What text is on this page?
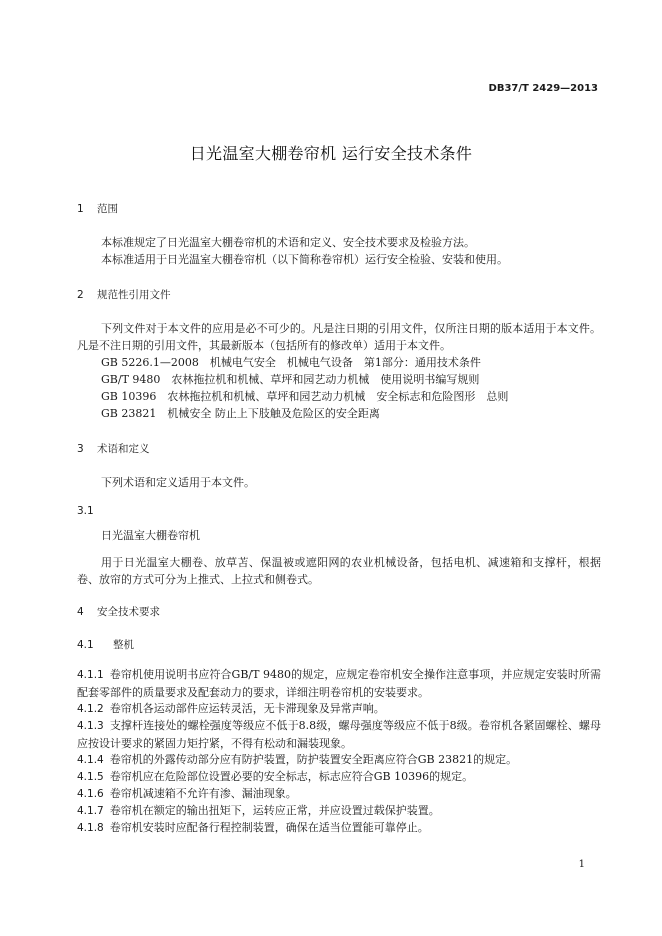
DB37/T 2429—2013
日光温室大棚卷帘机 运行安全技术条件
1 范围
本标准规定了日光温室大棚卷帘机的术语和定义、安全技术要求及检验方法。
本标准适用于日光温室大棚卷帘机（以下简称卷帘机）运行安全检验、安装和使用。
2 规范性引用文件
下列文件对于本文件的应用是必不可少的。凡是注日期的引用文件，仅所注日期的版本适用于本文件。凡是不注日期的引用文件，其最新版本（包括所有的修改单）适用于本文件。
GB 5226.1—2008　机械电气安全　机械电气设备　第1部分：通用技术条件
GB/T 9480　农林拖拉机和机械、草坪和园艺动力机械　使用说明书编写规则
GB 10396　农林拖拉机和机械、草坪和园艺动力机械　安全标志和危险图形　总则
GB 23821　机械安全 防止上下肢触及危险区的安全距离
3 术语和定义
下列术语和定义适用于本文件。
3.1
日光温室大棚卷帘机
用于日光温室大棚卷、放草苫、保温被或遮阳网的农业机械设备，包括电机、减速箱和支撑杆，根据卷、放帘的方式可分为上推式、上拉式和侧卷式。
4 安全技术要求
4.1 整机
4.1.1 卷帘机使用说明书应符合GB/T 9480的规定，应规定卷帘机安全操作注意事项，并应规定安装时所需配套零部件的质量要求及配套动力的要求，详细注明卷帘机的安装要求。
4.1.2 卷帘机各运动部件应运转灵活，无卡滞现象及异常声响。
4.1.3 支撑杆连接处的螺栓强度等级应不低于8.8级，螺母强度等级应不低于8级。卷帘机各紧固螺栓、螺母应按设计要求的紧固力矩拧紧，不得有松动和漏装现象。
4.1.4 卷帘机的外露传动部分应有防护装置，防护装置安全距离应符合GB 23821的规定。
4.1.5 卷帘机应在危险部位设置必要的安全标志，标志应符合GB 10396的规定。
4.1.6 卷帘机减速箱不允许有渗、漏油现象。
4.1.7 卷帘机在额定的输出扭矩下，运转应正常，并应设置过载保护装置。
4.1.8 卷帘机安装时应配备行程控制装置，确保在适当位置能可靠停止。
1
